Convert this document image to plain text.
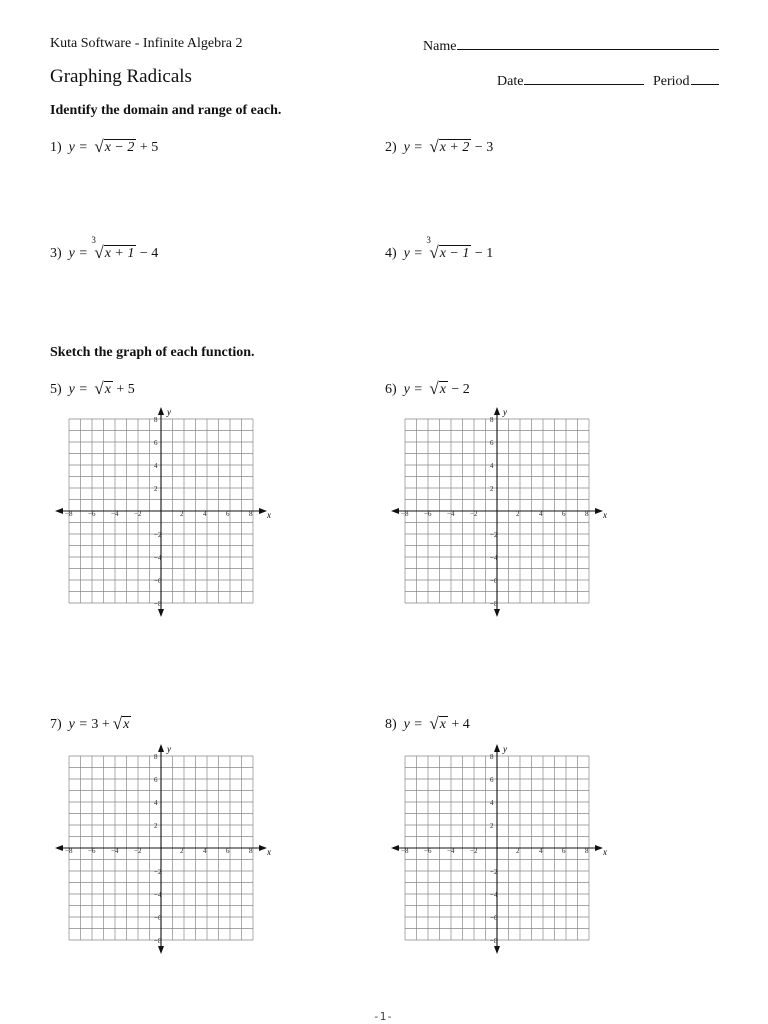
Kuta Software - Infinite Algebra 2	Name
Graphing Radicals	Date	Period
Identify the domain and range of each.
1) y = √x − 2 + 5	2) y = √x + 2 − 3
3) y =
3
√x + 1 − 4	4) y =
3
√x − 1 − 1
Sketch the graph of each function.
5) y = √x + 5	6) y = √x − 2
7) y = 3 + √x	8) y = √x + 4
x
y
−8 −6 −4 −2	2	4	6	8
8
6
4
2
−2
−4
−6
−8
x
y
−8 −6 −4 −2	2	4	6	8
8
6
4
2
−2
−4
−6
−8
x
y
−8 −6 −4 −2	2	4	6	8
8
6
4
2
−2
−4
−6
−8
x
y
−8 −6 −4 −2	2	4	6	8
8
6
4
2
−2
−4
−6
−8
-1-
